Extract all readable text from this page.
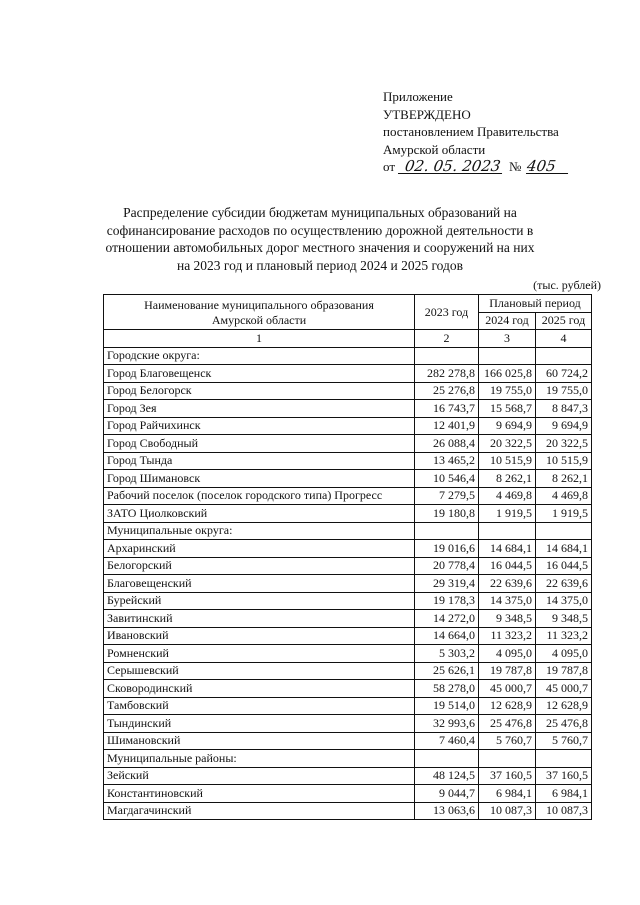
Приложение
УТВЕРЖДЕНО
постановлением Правительства
Амурской области
от 02. 05. 2023 № 405
Распределение субсидии бюджетам муниципальных образований на
софинансирование расходов по осуществлению дорожной деятельности в
отношении автомобильных дорог местного значения и сооружений на них
на 2023 год и плановый период 2024 и 2025 годов
(тыс. рублей)
Наименование муниципального образования
Амурской области	2023 год	Плановый период	
		2024 год	2025 год
1	2	3	4
Городские округа:			
Город Благовещенск	282 278,8	166 025,8	60 724,2
Город Белогорск	25 276,8	19 755,0	19 755,0
Город Зея	16 743,7	15 568,7	8 847,3
Город Райчихинск	12 401,9	9 694,9	9 694,9
Город Свободный	26 088,4	20 322,5	20 322,5
Город Тында	13 465,2	10 515,9	10 515,9
Город Шимановск	10 546,4	8 262,1	8 262,1
Рабочий поселок (поселок городского типа) Прогресс	7 279,5	4 469,8	4 469,8
ЗАТО Циолковский	19 180,8	1 919,5	1 919,5
Муниципальные округа:			
Архаринский	19 016,6	14 684,1	14 684,1
Белогорский	20 778,4	16 044,5	16 044,5
Благовещенский	29 319,4	22 639,6	22 639,6
Бурейский	19 178,3	14 375,0	14 375,0
Завитинский	14 272,0	9 348,5	9 348,5
Ивановский	14 664,0	11 323,2	11 323,2
Ромненский	5 303,2	4 095,0	4 095,0
Серышевский	25 626,1	19 787,8	19 787,8
Сковородинский	58 278,0	45 000,7	45 000,7
Тамбовский	19 514,0	12 628,9	12 628,9
Тындинский	32 993,6	25 476,8	25 476,8
Шимановский	7 460,4	5 760,7	5 760,7
Муниципальные районы:			
Зейский	48 124,5	37 160,5	37 160,5
Константиновский	9 044,7	6 984,1	6 984,1
Магдагачинский	13 063,6	10 087,3	10 087,3
